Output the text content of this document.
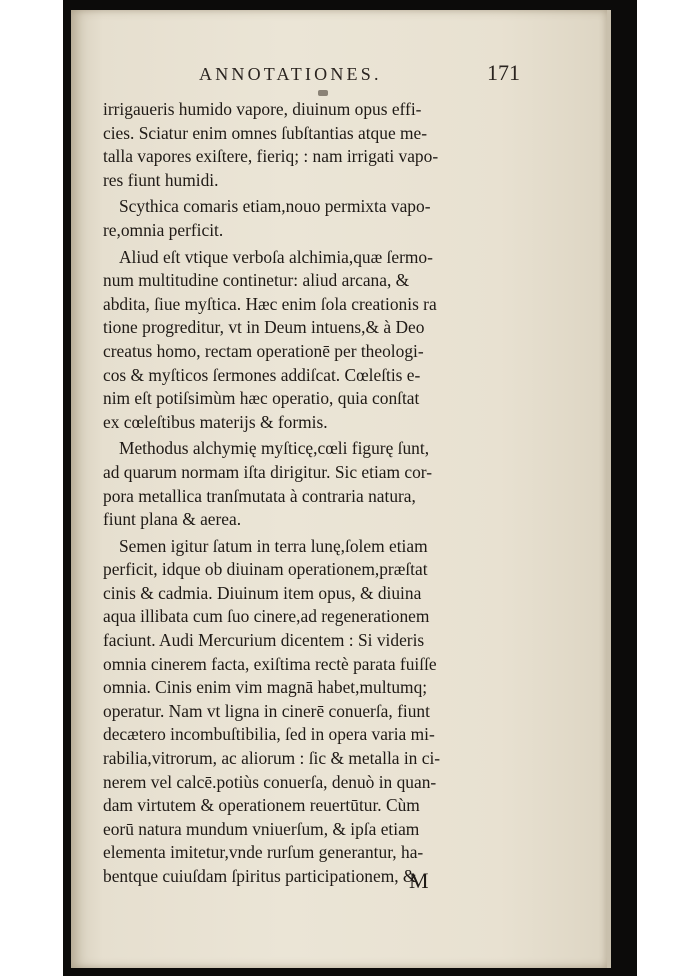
ANNOTATIONES.	171
irrigaueris humido vapore, diuinum opus effi-
cies. Sciatur enim omnes ſubſtantias atque me-
talla vapores exiſtere, fieriq; : nam irrigati vapo-
res fiunt humidi.
Scythica comaris etiam,nouo permixta vapo-
re,omnia perficit.
Aliud eſt vtique verboſa alchimia,quæ ſermo-
num multitudine continetur: aliud arcana, &
abdita, ſiue myſtica. Hæc enim ſola creationis ra
tione progreditur, vt in Deum intuens,& à Deo
creatus homo, rectam operationē per theologi-
cos & myſticos ſermones addiſcat. Cœleſtis e-
nim eſt potiſsimùm hæc operatio, quia conſtat
ex cœleſtibus materijs & formis.
Methodus alchymię myſticę,cœli figurę ſunt,
ad quarum normam iſta dirigitur. Sic etiam cor-
pora metallica tranſmutata à contraria natura,
fiunt plana & aerea.
Semen igitur ſatum in terra lunę,ſolem etiam
perficit, idque ob diuinam operationem,præſtat
cinis & cadmia. Diuinum item opus, & diuina
aqua illibata cum ſuo cinere,ad regenerationem
faciunt. Audi Mercurium dicentem : Si videris
omnia cinerem facta, exiſtima rectè parata fuiſſe
omnia. Cinis enim vim magnā habet,multumq;
operatur. Nam vt ligna in cinerē conuerſa, fiunt
decætero incombuſtibilia, ſed in opera varia mi-
rabilia,vitrorum, ac aliorum : ſic & metalla in ci-
nerem vel calcē.potiùs conuerſa, denuò in quan-
dam virtutem & operationem reuertūtur. Cùm
eorū natura mundum vniuerſum, & ipſa etiam
elementa imitetur,vnde rurſum generantur, ha-
bentque cuiuſdam ſpiritus participationem, &
M
